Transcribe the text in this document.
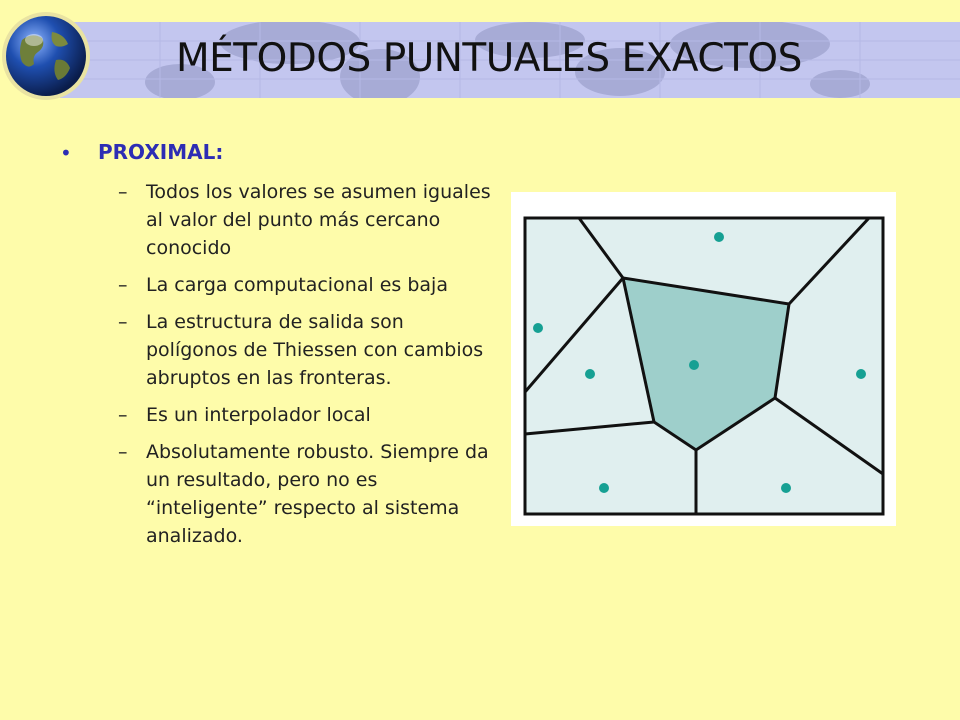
MÉTODOS PUNTUALES EXACTOS
• PROXIMAL:
– Todos los valores se asumen iguales al valor del punto más cercano conocido
– La carga computacional es baja
– La estructura de salida son polígonos de Thiessen con cambios abruptos en las fronteras.
– Es un interpolador local
– Absolutamente robusto. Siempre da un resultado, pero no es “inteligente” respecto al sistema analizado.
